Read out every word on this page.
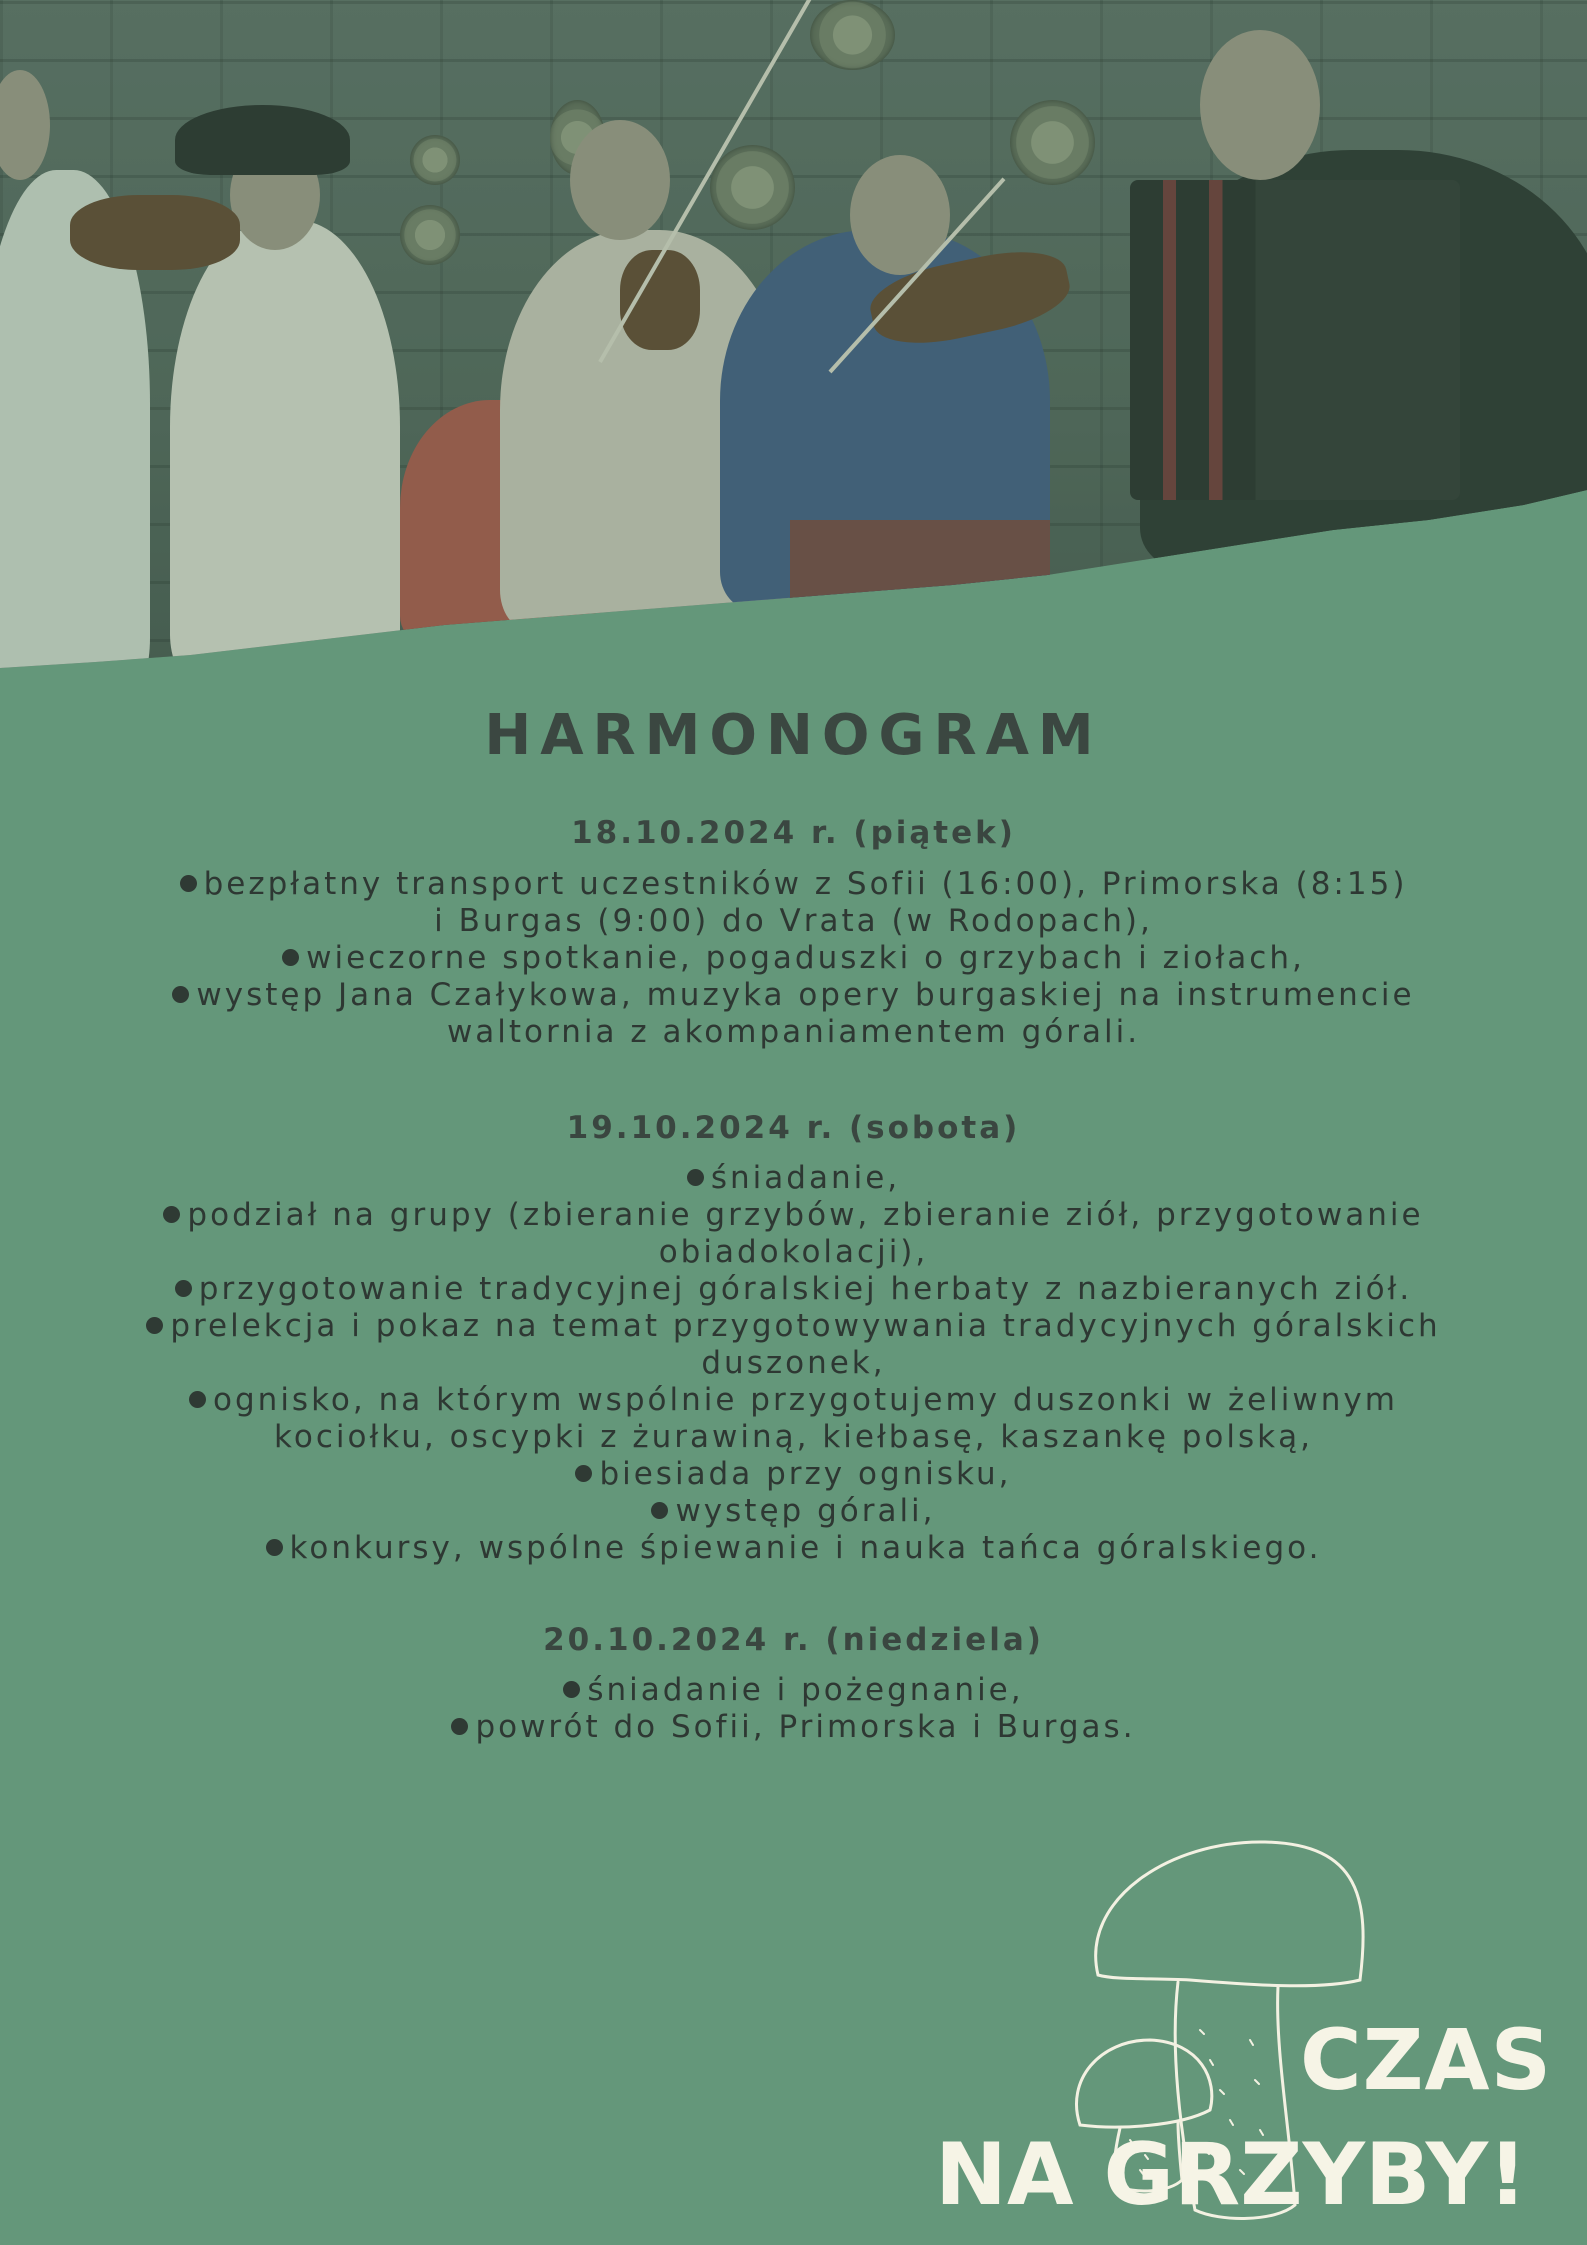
HARMONOGRAM
18.10.2024 r. (piątek)
bezpłatny transport uczestników z Sofii (16:00), Primorska (8:15)
i Burgas (9:00) do Vrata (w Rodopach),
wieczorne spotkanie, pogaduszki o grzybach i ziołach,
występ Jana Czałykowa, muzyka opery burgaskiej na instrumencie
waltornia z akompaniamentem górali.
19.10.2024 r. (sobota)
śniadanie,
podział na grupy (zbieranie grzybów, zbieranie ziół, przygotowanie
obiadokolacji),
przygotowanie tradycyjnej góralskiej herbaty z nazbieranych ziół.
prelekcja i pokaz na temat przygotowywania tradycyjnych góralskich
duszonek,
ognisko, na którym wspólnie przygotujemy duszonki w żeliwnym
kociołku, oscypki z żurawiną, kiełbasę, kaszankę polską,
biesiada przy ognisku,
występ górali,
konkursy, wspólne śpiewanie i nauka tańca góralskiego.
20.10.2024 r. (niedziela)
śniadanie i pożegnanie,
powrót do Sofii, Primorska i Burgas.
CZAS
NA GRZYBY!
